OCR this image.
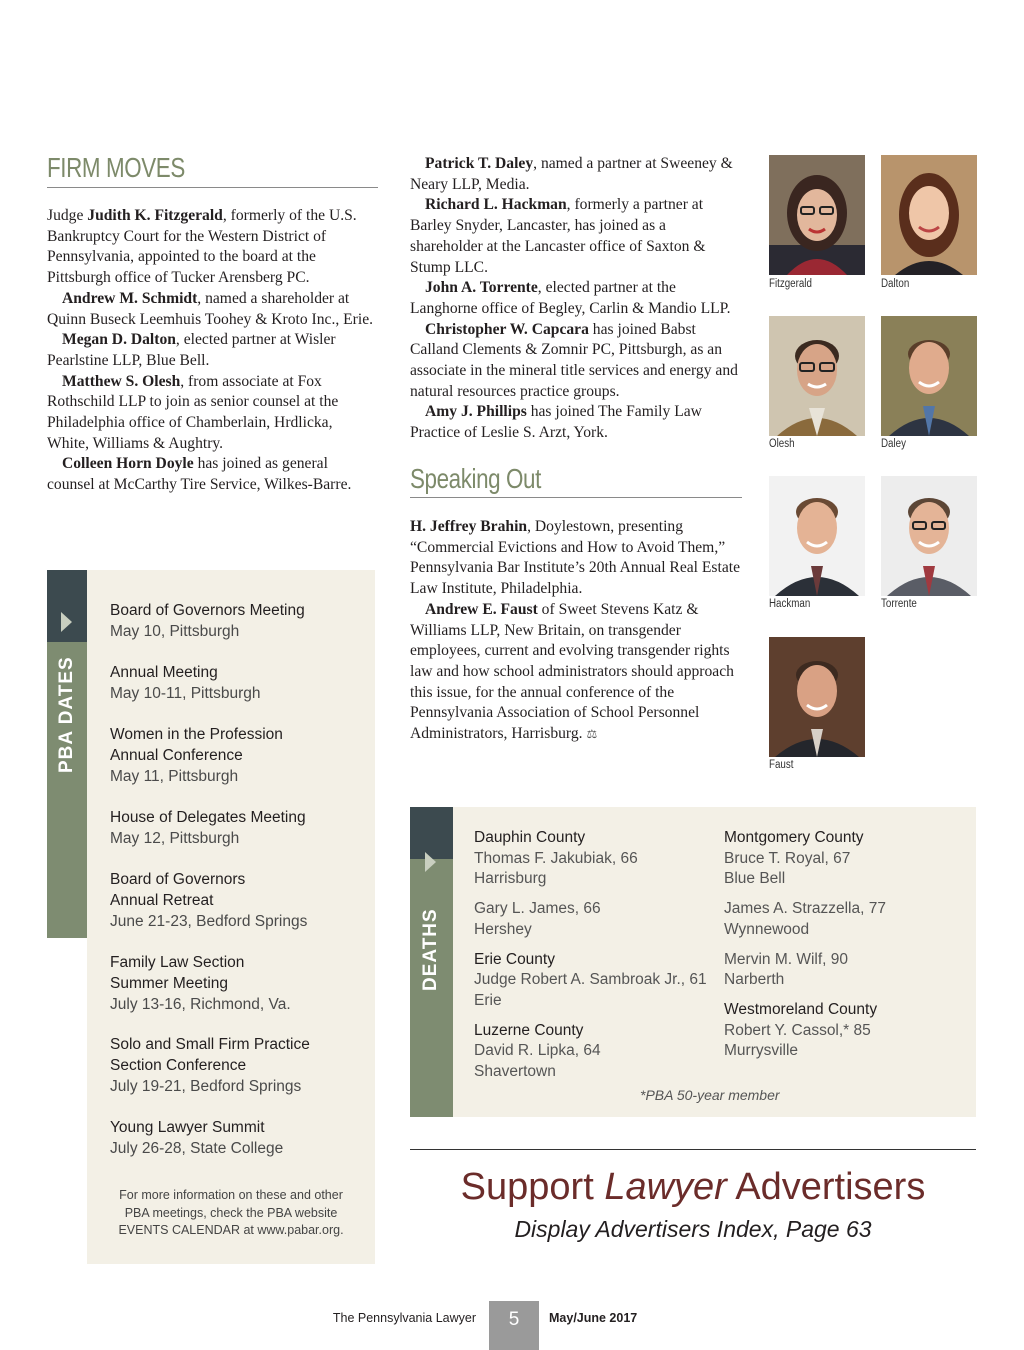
FIRM MOVES

Judge Judith K. Fitzgerald, formerly of the U.S. Bankruptcy Court for the Western District of Pennsylvania, appointed to the board at the Pittsburgh office of Tucker Arensberg PC.

Andrew M. Schmidt, named a shareholder at Quinn Buseck Leemhuis Toohey & Kroto Inc., Erie.

Megan D. Dalton, elected partner at Wisler Pearlstine LLP, Blue Bell.

Matthew S. Olesh, from associate at Fox Rothschild LLP to join as senior counsel at the Philadelphia office of Chamberlain, Hrdlicka, White, Williams & Aughtry.

Colleen Horn Doyle has joined as general counsel at McCarthy Tire Service, Wilkes-Barre.

Patrick T. Daley, named a partner at Sweeney & Neary LLP, Media.

Richard L. Hackman, formerly a partner at Barley Snyder, Lancaster, has joined as a shareholder at the Lancaster office of Saxton & Stump LLC.

John A. Torrente, elected partner at the Langhorne office of Begley, Carlin & Mandio LLP.

Christopher W. Capcara has joined Babst Calland Clements & Zomnir PC, Pittsburgh, as an associate in the mineral title services and energy and natural resources practice groups.

Amy J. Phillips has joined The Family Law Practice of Leslie S. Arzt, York.

Speaking Out

H. Jeffrey Brahin, Doylestown, presenting “Commercial Evictions and How to Avoid Them,” Pennsylvania Bar Institute’s 20th Annual Real Estate Law Institute, Philadelphia.

Andrew E. Faust of Sweet Stevens Katz & Williams LLP, New Britain, on transgender employees, current and evolving transgender rights law and how school administrators should approach this issue, for the annual conference of the Pennsylvania Association of School Personnel Administrators, Harrisburg. ⚖

Fitzgerald	Dalton
Olesh	Daley
Hackman	Torrente
Faust
PBA DATES
Board of Governors Meeting
May 10, Pittsburgh
Annual Meeting
May 10-11, Pittsburgh
Women in the Profession
Annual Conference
May 11, Pittsburgh
House of Delegates Meeting
May 12, Pittsburgh
Board of Governors
Annual Retreat
June 21-23, Bedford Springs
Family Law Section
Summer Meeting
July 13-16, Richmond, Va.
Solo and Small Firm Practice
Section Conference
July 19-21, Bedford Springs
Young Lawyer Summit
July 26-28, State College
For more information on these and other
PBA meetings, check the PBA website
EVENTS CALENDAR at www.pabar.org.
DEATHS
Dauphin County
Thomas F. Jakubiak, 66
Harrisburg
Gary L. James, 66
Hershey
Erie County
Judge Robert A. Sambroak Jr., 61
Erie
Luzerne County
David R. Lipka, 64
Shavertown
Montgomery County
Bruce T. Royal, 67
Blue Bell
James A. Strazzella, 77
Wynnewood
Mervin M. Wilf, 90
Narberth
Westmoreland County
Robert Y. Cassol,* 85
Murrysville
*PBA 50-year member
Support Lawyer Advertisers
Display Advertisers Index, Page 63
The Pennsylvania Lawyer	5	May/June 2017
